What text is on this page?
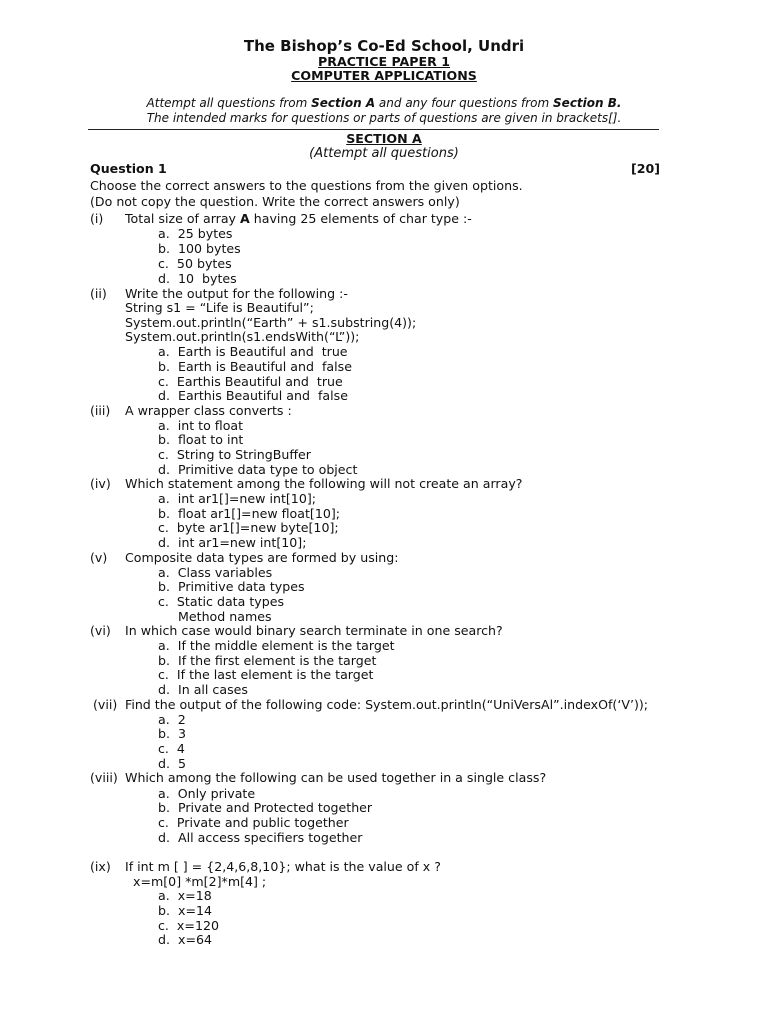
The Bishop’s Co-Ed School, Undri
PRACTICE PAPER 1
COMPUTER APPLICATIONS
Attempt all questions from Section A and any four questions from Section B.
The intended marks for questions or parts of questions are given in brackets[].
SECTION A
(Attempt all questions)
Question 1	[20]
Choose the correct answers to the questions from the given options.
(Do not copy the question. Write the correct answers only)
(i) Total size of array A having 25 elements of char type :-
a.  25 bytes
b.  100 bytes
c.  50 bytes
d.  10  bytes
(ii) Write the output for the following :-
String s1 = “Life is Beautiful”;
System.out.println(“Earth” + s1.substring(4));
System.out.println(s1.endsWith(“L”));
a.  Earth is Beautiful and  true
b.  Earth is Beautiful and  false
c.  Earthis Beautiful and  true
d.  Earthis Beautiful and  false
(iii) A wrapper class converts :
a.  int to float
b.  float to int
c.  String to StringBuffer
d.  Primitive data type to object
(iv) Which statement among the following will not create an array?
a.  int ar1[]=new int[10];
b.  float ar1[]=new float[10];
c.  byte ar1[]=new byte[10];
d.  int ar1=new int[10];
(v) Composite data types are formed by using:
a.  Class variables
b.  Primitive data types
c.  Static data types
Method names
(vi) In which case would binary search terminate in one search?
a.  If the middle element is the target
b.  If the first element is the target
c.  If the last element is the target
d.  In all cases
(vii) Find the output of the following code: System.out.println(“UniVersAl”.indexOf(‘V’));
a.  2
b.  3
c.  4
d.  5
(viii) Which among the following can be used together in a single class?
a.  Only private
b.  Private and Protected together
c.  Private and public together
d.  All access specifiers together
(ix) If int m [ ] = {2,4,6,8,10}; what is the value of x ?
x=m[0] *m[2]*m[4] ;
a.  x=18
b.  x=14
c.  x=120
d.  x=64
